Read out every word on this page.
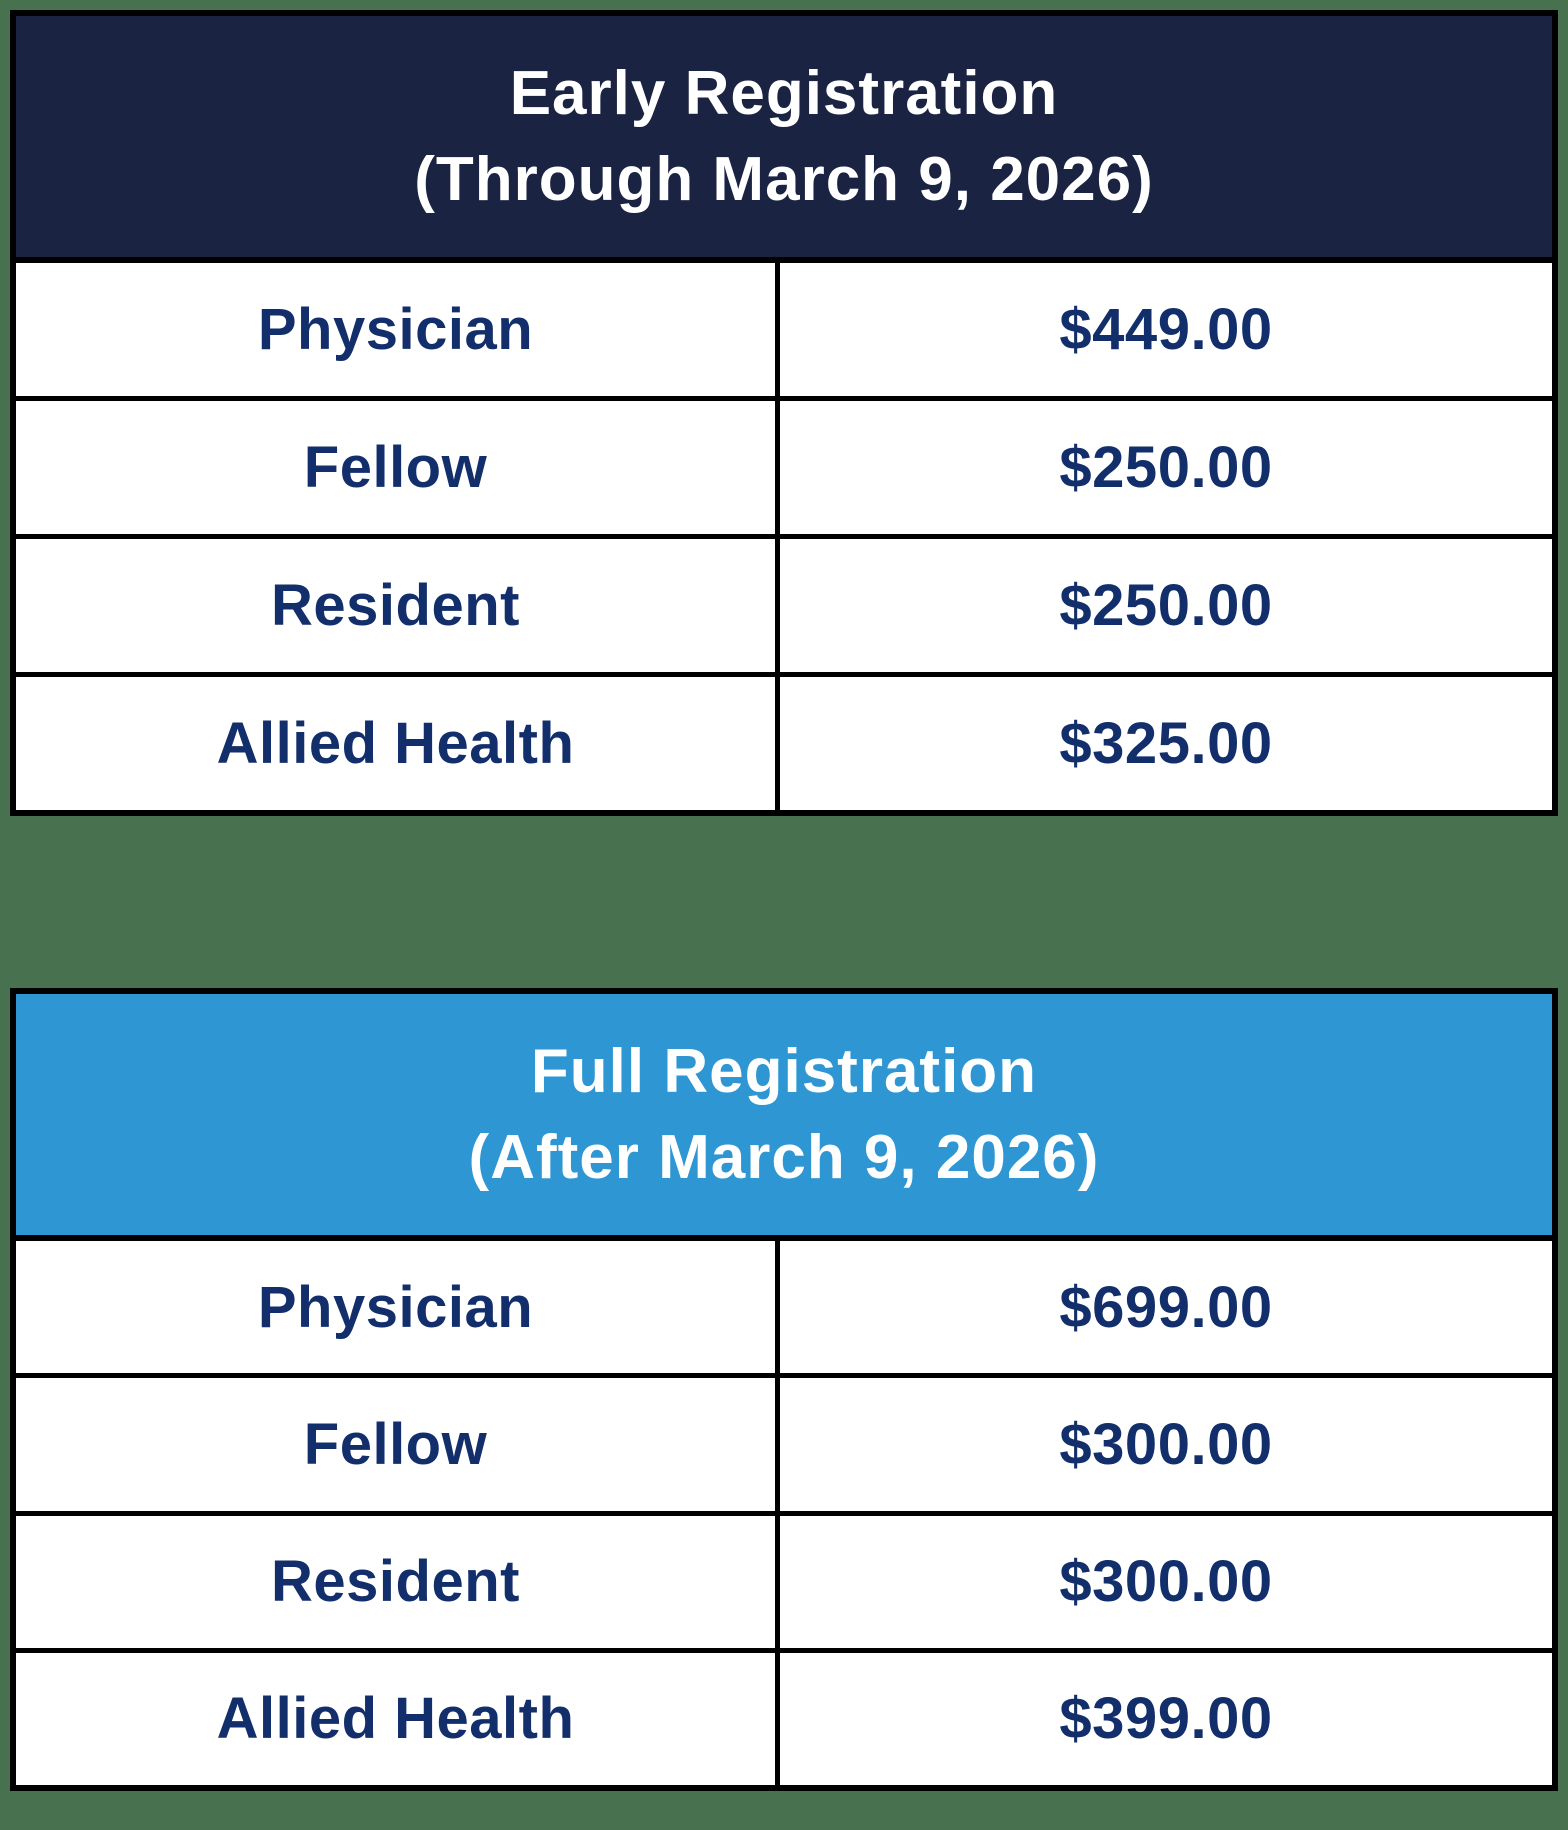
Early Registration
(Through March 9, 2026)
Physician	$449.00
Fellow	$250.00
Resident	$250.00
Allied Health	$325.00
Full Registration
(After March 9, 2026)
Physician	$699.00
Fellow	$300.00
Resident	$300.00
Allied Health	$399.00
